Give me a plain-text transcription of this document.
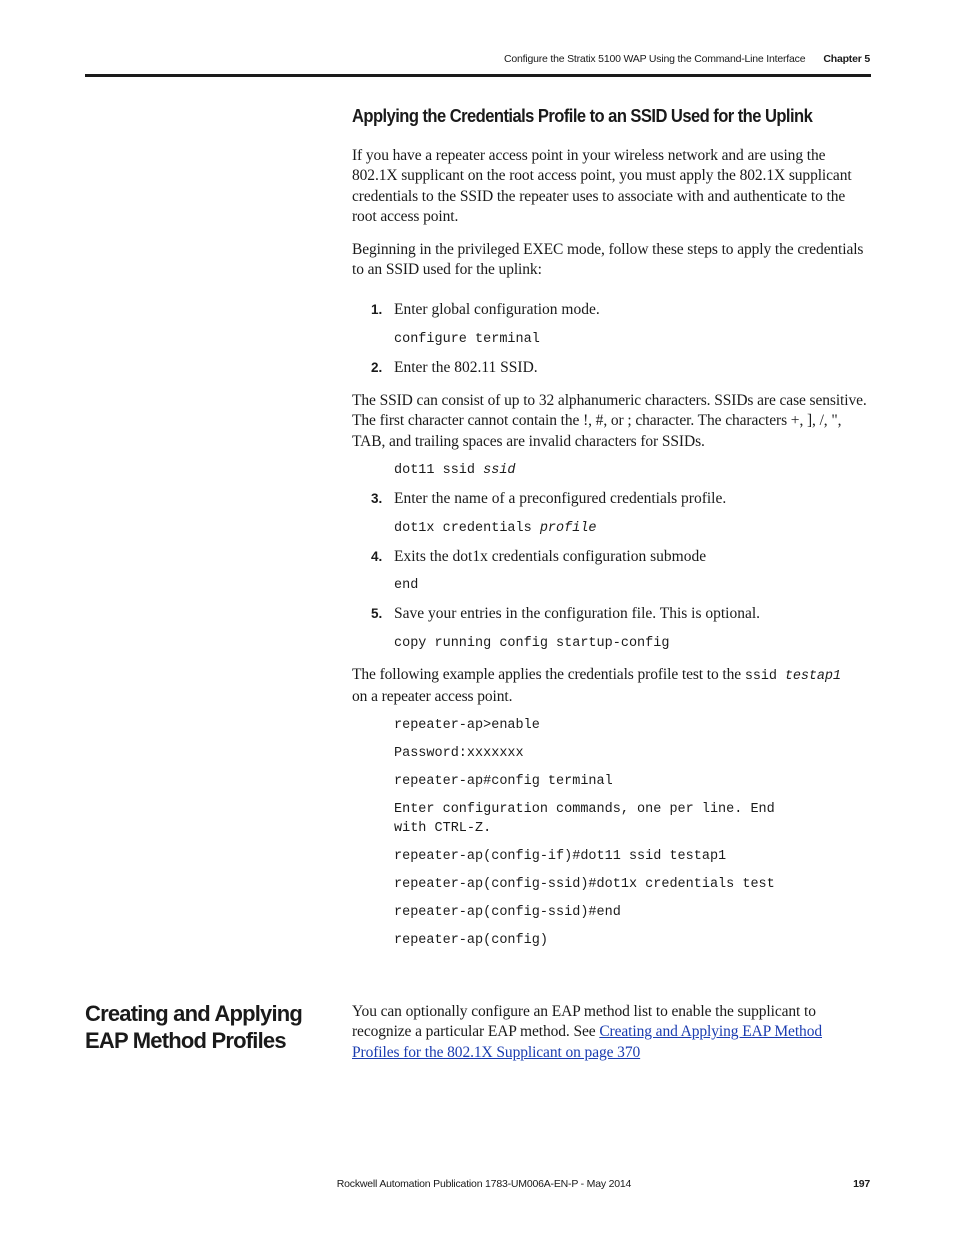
Configure the Stratix 5100 WAP Using the Command-Line Interface Chapter 5
Applying the Credentials Profile to an SSID Used for the Uplink
If you have a repeater access point in your wireless network and are using the 802.1X supplicant on the root access point, you must apply the 802.1X supplicant credentials to the SSID the repeater uses to associate with and authenticate to the root access point.
Beginning in the privileged EXEC mode, follow these steps to apply the credentials to an SSID used for the uplink:
1. Enter global configuration mode.
configure terminal
2. Enter the 802.11 SSID.
The SSID can consist of up to 32 alphanumeric characters. SSIDs are case sensitive. The first character cannot contain the !, #, or ; character. The characters +, ], /, ", TAB, and trailing spaces are invalid characters for SSIDs.
dot11 ssid ssid
3. Enter the name of a preconfigured credentials profile.
dot1x credentials profile
4. Exits the dot1x credentials configuration submode
end
5. Save your entries in the configuration file. This is optional.
copy running config startup-config
The following example applies the credentials profile test to the ssid testap1
on a repeater access point.
repeater-ap>enable
Password:xxxxxxx
repeater-ap#config terminal
Enter configuration commands, one per line. End
with CTRL-Z.
repeater-ap(config-if)#dot11 ssid testap1
repeater-ap(config-ssid)#dot1x credentials test
repeater-ap(config-ssid)#end
repeater-ap(config)
Creating and Applying EAP Method Profiles
You can optionally configure an EAP method list to enable the supplicant to recognize a particular EAP method. See Creating and Applying EAP Method Profiles for the 802.1X Supplicant on page 370
Rockwell Automation Publication 1783-UM006A-EN-P - May 2014	197
